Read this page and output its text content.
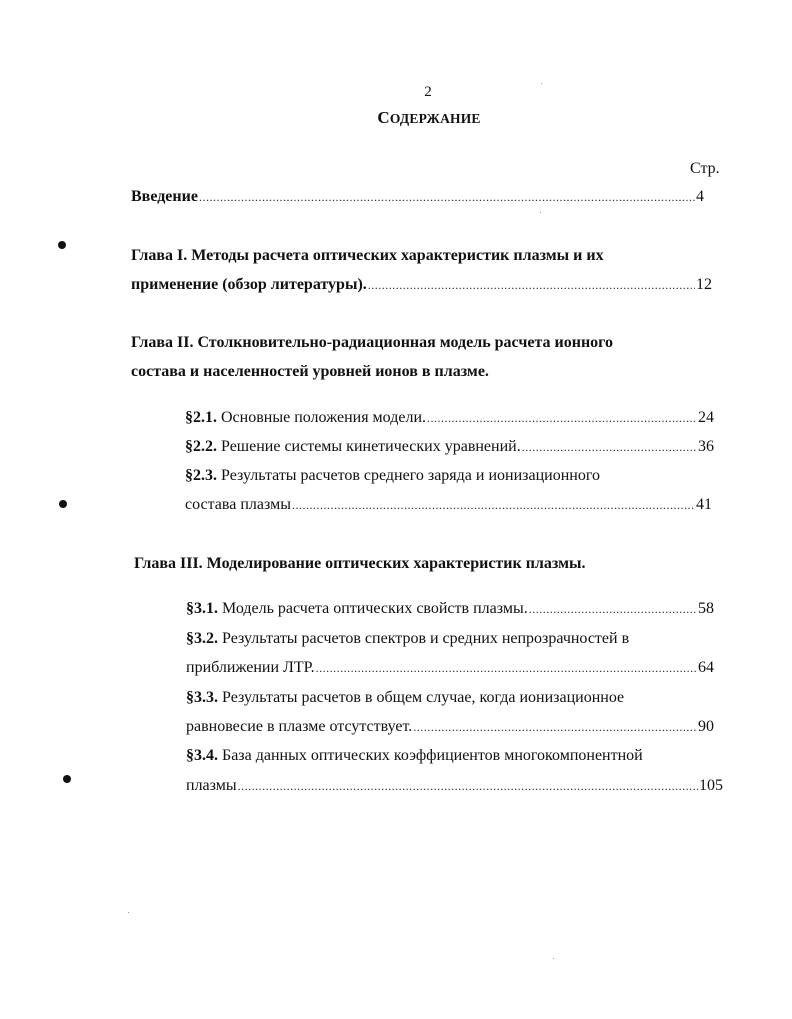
2
СОДЕРЖАНИЕ
Стр.
Введение .....	4
Глава I. Методы расчета оптических характеристик плазмы и их
применение (обзор литературы). .....	12
Глава II. Столкновительно-радиационная модель расчета ионного
состава и населенностей уровней ионов в плазме.
§2.1. Основные положения модели. .....	24
§2.2. Решение системы кинетических уравнений. .....	36
§2.3. Результаты расчетов среднего заряда и ионизационного
состава плазмы .....	41
Глава III. Моделирование оптических характеристик плазмы.
§3.1. Модель расчета оптических свойств плазмы. .....	58
§3.2. Результаты расчетов спектров и средних непрозрачностей в
приближении ЛТР. .....	64
§3.3. Результаты расчетов в общем случае, когда ионизационное
равновесие в плазме отсутствует. .....	90
§3.4. База данных оптических коэффициентов многокомпонентной
плазмы .....	105
